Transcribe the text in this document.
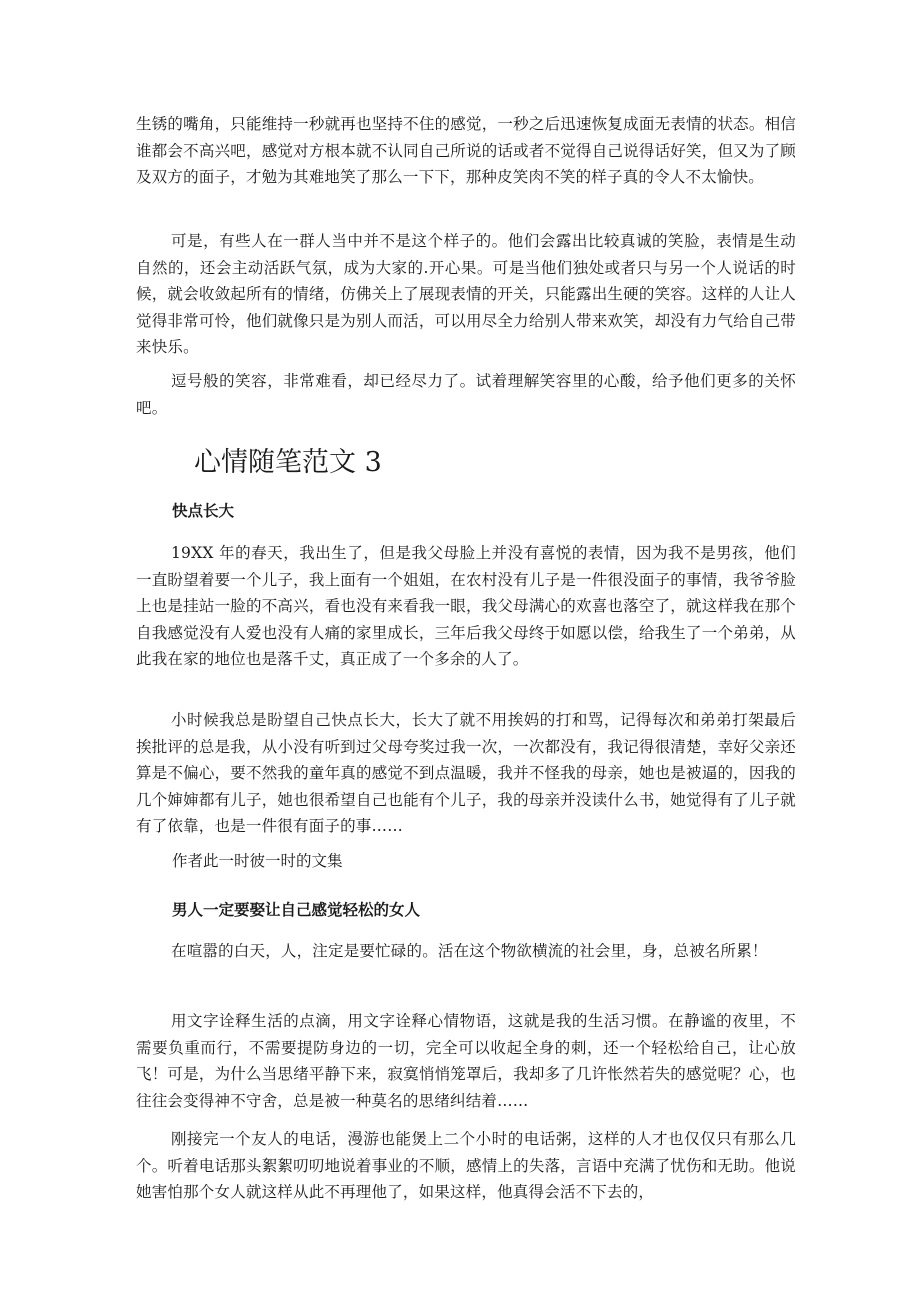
生锈的嘴角，只能维持一秒就再也坚持不住的感觉，一秒之后迅速恢复成面无表情的状态。相信谁都会不高兴吧，感觉对方根本就不认同自己所说的话或者不觉得自己说得话好笑，但又为了顾及双方的面子，才勉为其难地笑了那么一下下，那种皮笑肉不笑的样子真的令人不太愉快。

可是，有些人在一群人当中并不是这个样子的。他们会露出比较真诚的笑脸，表情是生动自然的，还会主动活跃气氛，成为大家的.开心果。可是当他们独处或者只与另一个人说话的时候，就会收敛起所有的情绪，仿佛关上了展现表情的开关，只能露出生硬的笑容。这样的人让人觉得非常可怜，他们就像只是为别人而活，可以用尽全力给别人带来欢笑，却没有力气给自己带来快乐。

逗号般的笑容，非常难看，却已经尽力了。试着理解笑容里的心酸，给予他们更多的关怀吧。

心情随笔范文 3

快点长大

19XX 年的春天，我出生了，但是我父母脸上并没有喜悦的表情，因为我不是男孩，他们一直盼望着要一个儿子，我上面有一个姐姐，在农村没有儿子是一件很没面子的事情，我爷爷脸上也是挂站一脸的不高兴，看也没有来看我一眼，我父母满心的欢喜也落空了，就这样我在那个自我感觉没有人爱也没有人痛的家里成长，三年后我父母终于如愿以偿，给我生了一个弟弟，从此我在家的地位也是落千丈，真正成了一个多余的人了。

小时候我总是盼望自己快点长大，长大了就不用挨妈的打和骂，记得每次和弟弟打架最后挨批评的总是我，从小没有听到过父母夸奖过我一次，一次都没有，我记得很清楚，幸好父亲还算是不偏心，要不然我的童年真的感觉不到点温暖，我并不怪我的母亲，她也是被逼的，因我的几个婶婶都有儿子，她也很希望自己也能有个儿子，我的母亲并没读什么书，她觉得有了儿子就有了依靠，也是一件很有面子的事……

作者此一时彼一时的文集

男人一定要娶让自己感觉轻松的女人

在喧嚣的白天，人，注定是要忙碌的。活在这个物欲横流的社会里，身，总被名所累！

用文字诠释生活的点滴，用文字诠释心情物语，这就是我的生活习惯。在静谧的夜里，不需要负重而行，不需要提防身边的一切，完全可以收起全身的刺，还一个轻松给自己，让心放飞！可是，为什么当思绪平静下来，寂寞悄悄笼罩后，我却多了几许怅然若失的感觉呢？心，也往往会变得神不守舍，总是被一种莫名的思绪纠结着……

刚接完一个友人的电话，漫游也能煲上二个小时的电话粥，这样的人才也仅仅只有那么几个。听着电话那头絮絮叨叨地说着事业的不顺，感情上的失落，言语中充满了忧伤和无助。他说她害怕那个女人就这样从此不再理他了，如果这样，他真得会活不下去的，
